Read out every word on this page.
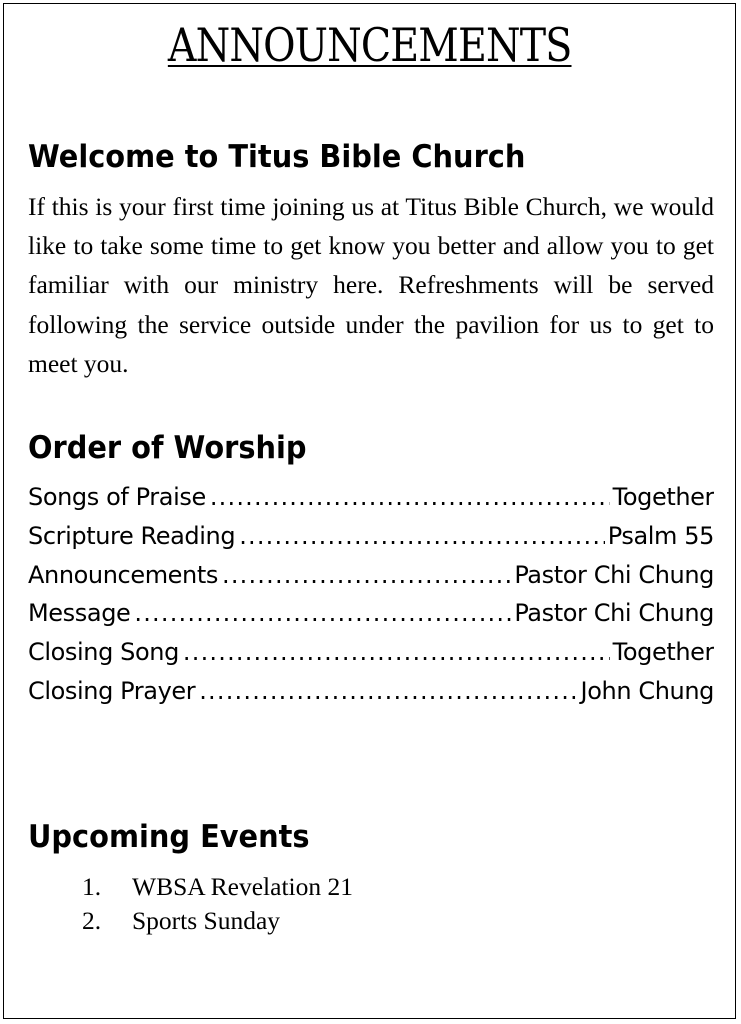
ANNOUNCEMENTS
Welcome to Titus Bible Church
If this is your first time joining us at Titus Bible Church, we would like to take some time to get know you better and allow you to get familiar with our ministry here. Refreshments will be served following the service outside under the pavilion for us to get to meet you.
Order of Worship
Songs of Praise .....	Together
Scripture Reading .....	Psalm 55
Announcements .....	Pastor Chi Chung
Message .....	Pastor Chi Chung
Closing Song .....	Together
Closing Prayer .....	John Chung
Upcoming Events
1.	WBSA Revelation 21
2.	Sports Sunday
